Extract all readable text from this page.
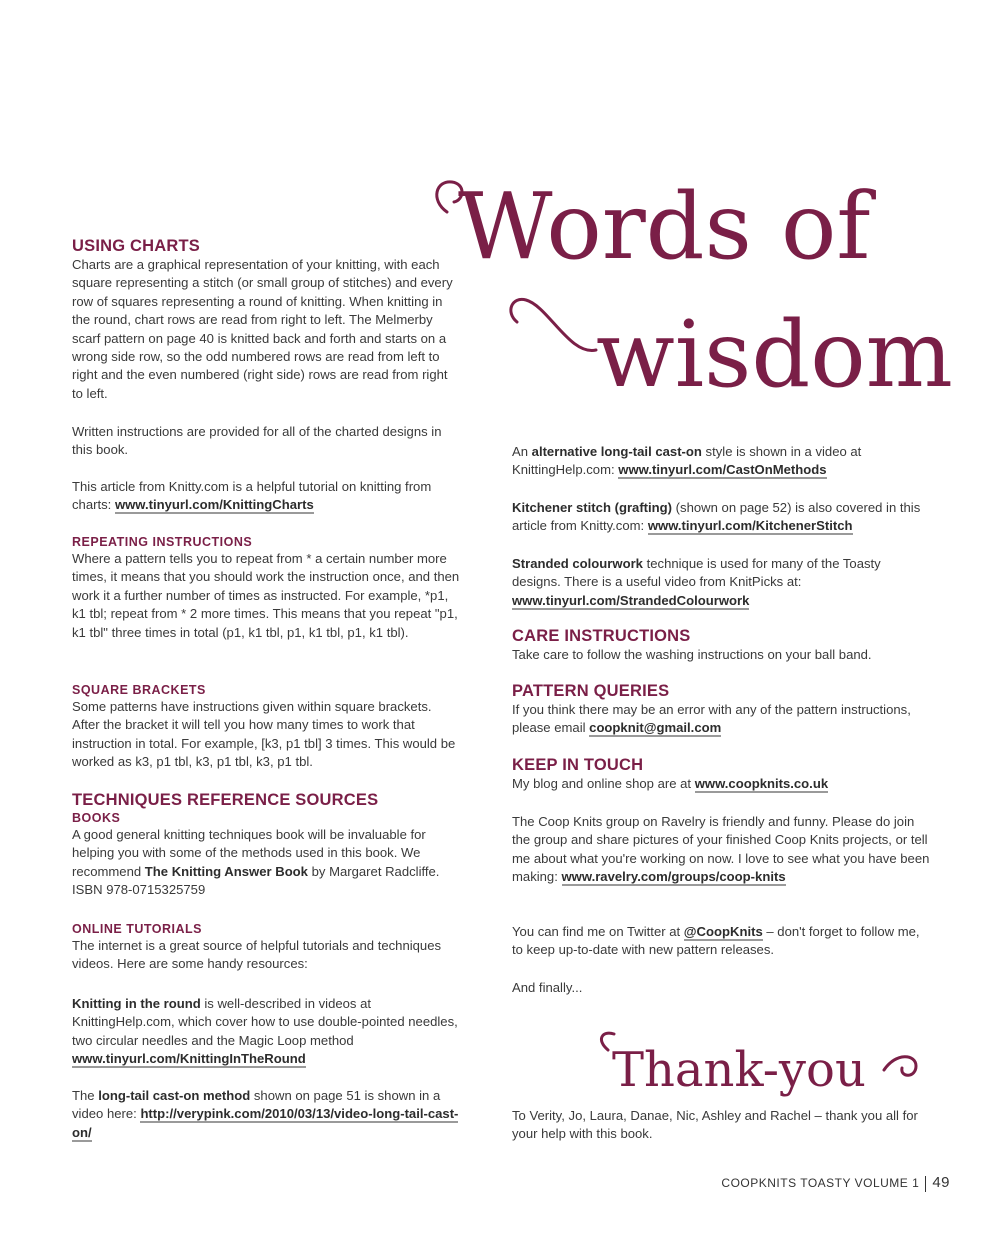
Words of
wisdom
Thank-you
USING CHARTS

Charts are a graphical representation of your knitting, with each square representing a stitch (or small group of stitches) and every row of squares representing a round of knitting. When knitting in the round, chart rows are read from right to left. The Melmerby scarf pattern on page 40 is knitted back and forth and starts on a wrong side row, so the odd numbered rows are read from left to right and the even numbered (right side) rows are read from right to left.

Written instructions are provided for all of the charted designs in this book.

This article from Knitty.com is a helpful tutorial on knitting from charts: www.tinyurl.com/KnittingCharts

REPEATING INSTRUCTIONS

Where a pattern tells you to repeat from * a certain number more times, it means that you should work the instruction once, and then work it a further number of times as instructed. For example, *p1, k1 tbl; repeat from * 2 more times. This means that you repeat "p1, k1 tbl" three times in total (p1, k1 tbl, p1, k1 tbl, p1, k1 tbl).

SQUARE BRACKETS

Some patterns have instructions given within square brackets. After the bracket it will tell you how many times to work that instruction in total. For example, [k3, p1 tbl] 3 times. This would be worked as k3, p1 tbl, k3, p1 tbl, k3, p1 tbl.

TECHNIQUES REFERENCE SOURCES
BOOKS

A good general knitting techniques book will be invaluable for helping you with some of the methods used in this book. We recommend The Knitting Answer Book by Margaret Radcliffe. ISBN 978-0715325759

ONLINE TUTORIALS

The internet is a great source of helpful tutorials and techniques videos. Here are some handy resources:

Knitting in the round is well-described in videos at KnittingHelp.com, which cover how to use double-pointed needles, two circular needles and the Magic Loop method www.tinyurl.com/KnittingInTheRound

The long-tail cast-on method shown on page 51 is shown in a video here: http://verypink.com/2010/03/13/video-long-tail-cast-on/

An alternative long-tail cast-on style is shown in a video at KnittingHelp.com: www.tinyurl.com/CastOnMethods

Kitchener stitch (grafting) (shown on page 52) is also covered in this article from Knitty.com: www.tinyurl.com/KitchenerStitch

Stranded colourwork technique is used for many of the Toasty designs. There is a useful video from KnitPicks at: www.tinyurl.com/StrandedColourwork

CARE INSTRUCTIONS

Take care to follow the washing instructions on your ball band.

PATTERN QUERIES

If you think there may be an error with any of the pattern instructions, please email coopknit@gmail.com

KEEP IN TOUCH

My blog and online shop are at www.coopknits.co.uk

The Coop Knits group on Ravelry is friendly and funny. Please do join the group and share pictures of your finished Coop Knits projects, or tell me about what you're working on now. I love to see what you have been making: www.ravelry.com/groups/coop-knits

You can find me on Twitter at @CoopKnits – don't forget to follow me, to keep up-to-date with new pattern releases.

And finally...

To Verity, Jo, Laura, Danae, Nic, Ashley and Rachel – thank you all for your help with this book.

COOPKNITS TOASTY VOLUME 1 49
